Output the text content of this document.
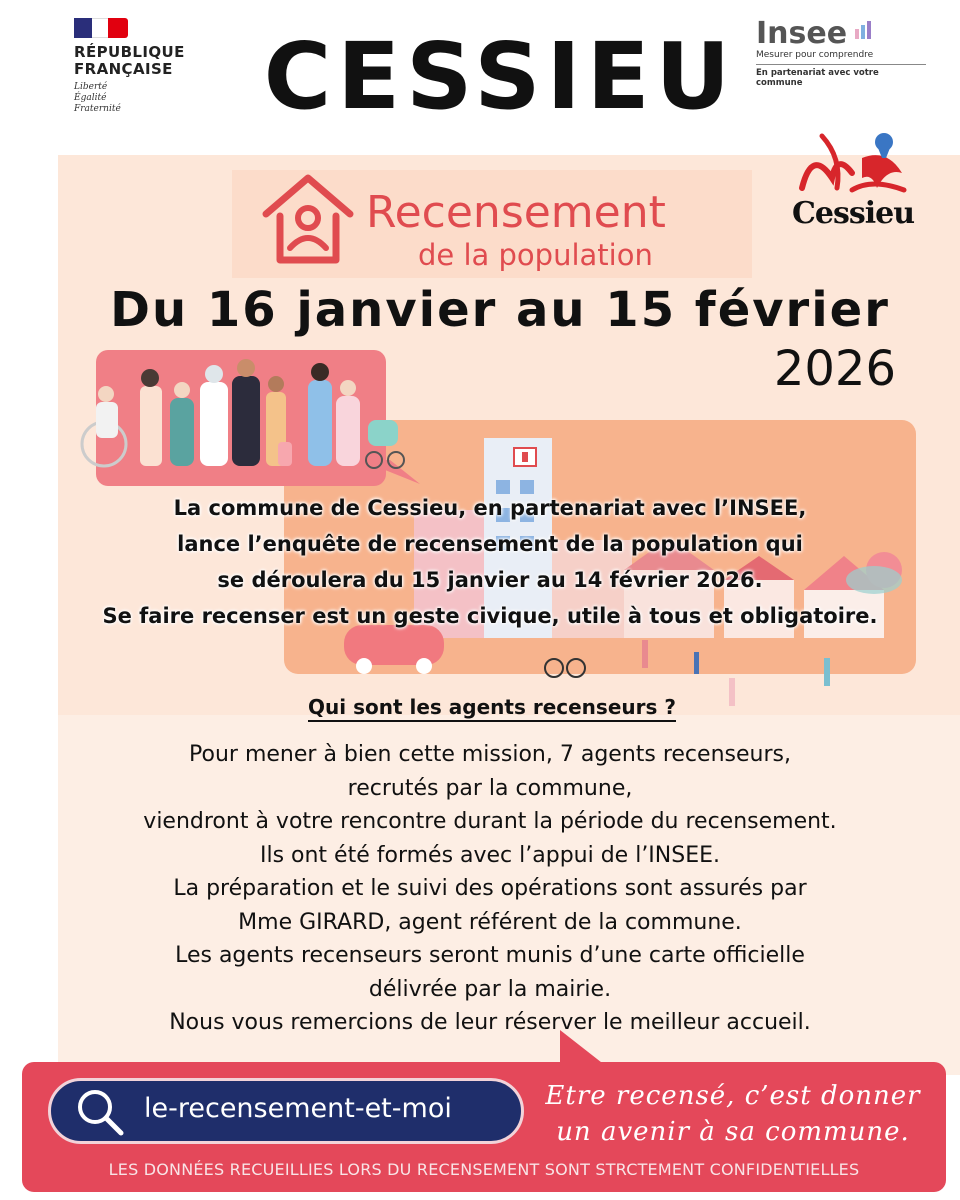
RÉPUBLIQUE
FRANÇAISE
Liberté
Égalité
Fraternité	CESSIEU Insee
Mesurer pour comprendre
En partenariat avec votre commune
Recensement
de la population
Cessieu
Du 16 janvier au 15 février
2026
La commune de Cessieu, en partenariat avec l’INSEE,
lance l’enquête de recensement de la population qui
se déroulera du 15 janvier au 14 février 2026.
Se faire recenser est un geste civique, utile à tous et obligatoire.
Qui sont les agents recenseurs ?
Pour mener à bien cette mission, 7 agents recenseurs,
recrutés par la commune,
viendront à votre rencontre durant la période du recensement.
Ils ont été formés avec l’appui de l’INSEE.
La préparation et le suivi des opérations sont assurés par
Mme GIRARD, agent référent de la commune.
Les agents recenseurs seront munis d’une carte officielle
délivrée par la mairie.
Nous vous remercions de leur réserver le meilleur accueil.
le-recensement-et-moi	Etre recensé, c’est donner
un avenir à sa commune.
LES DONNÉES RECUEILLIES LORS DU RECENSEMENT SONT STRCTEMENT CONFIDENTIELLES
